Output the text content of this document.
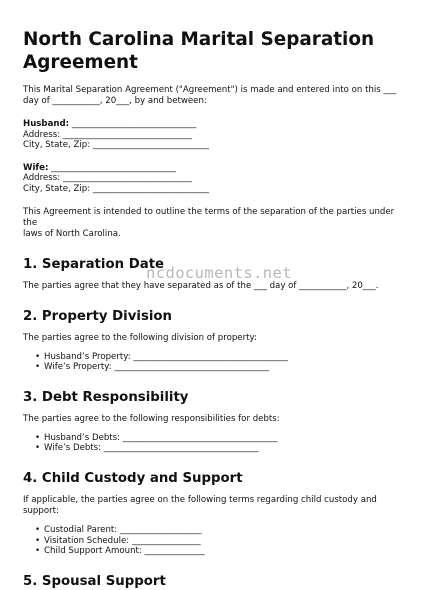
North Carolina Marital Separation Agreement

This Marital Separation Agreement ("Agreement") is made and entered into on this ___

day of ___________, 20___, by and between:

Husband: _____________________________
Address: ______________________________
City, State, Zip: ___________________________
Wife: _____________________________
Address: ______________________________
City, State, Zip: ___________________________

This Agreement is intended to outline the terms of the separation of the parties under the

laws of North Carolina.

1. Separation Date

The parties agree that they have separated as of the ___ day of ___________, 20___.

2. Property Division

The parties agree to the following division of property:

• Husband’s Property: ____________________________________
• Wife’s Property: ____________________________________
3. Debt Responsibility

The parties agree to the following responsibilities for debts:

• Husband’s Debts: ____________________________________
• Wife’s Debts: ____________________________________
4. Child Custody and Support

If applicable, the parties agree on the following terms regarding child custody and
support:

• Custodial Parent: ___________________
• Visitation Schedule: ________________
• Child Support Amount: ______________
5. Spousal Support
ncdocuments.net
